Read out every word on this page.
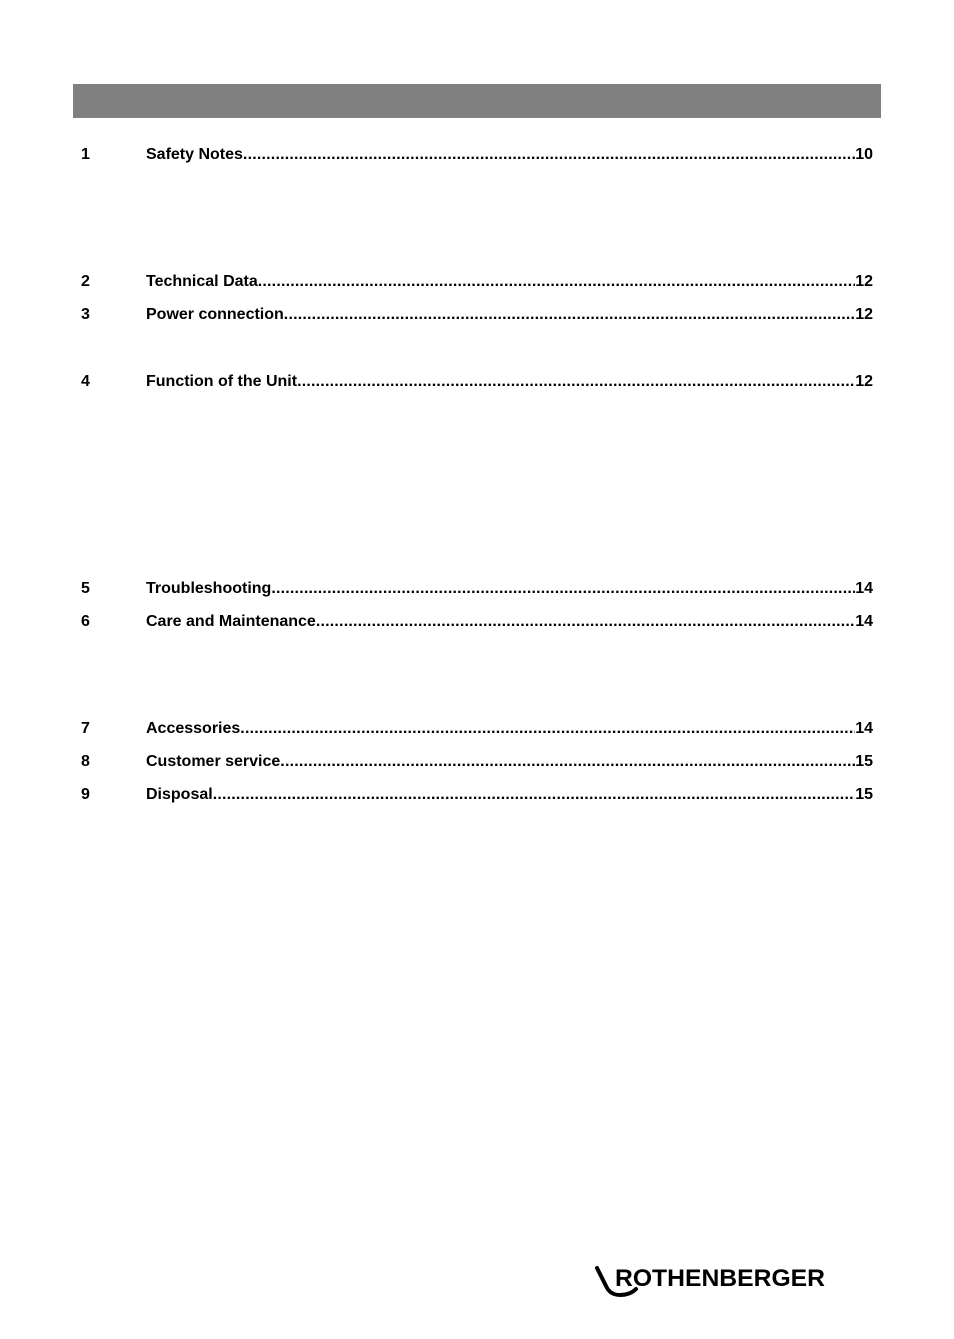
1	Safety Notes .....	10
2	Technical Data .....	12
3	Power connection .....	12
4	Function of the Unit .....	12
5	Troubleshooting .....	14
6	Care and Maintenance .....	14
7	Accessories .....	14
8	Customer service .....	15
9	Disposal .....	15
ROTHENBERGER
